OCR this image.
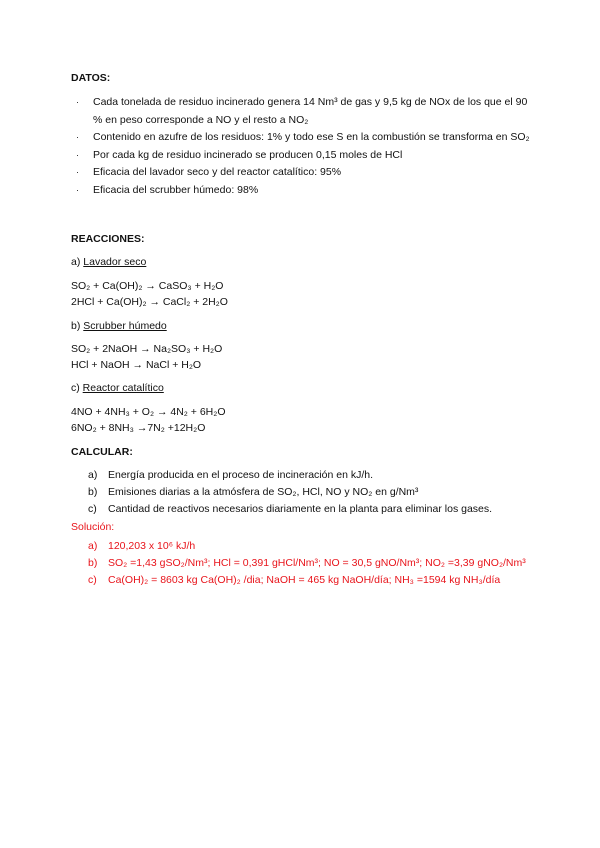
DATOS:
· Cada tonelada de residuo incinerado genera 14 Nm³ de gas y 9,5 kg de NOx de los que el 90 % en peso corresponde a NO y el resto a NO₂
· Contenido en azufre de los residuos: 1% y todo ese S en la combustión se transforma en SO₂
· Por cada kg de residuo incinerado se producen 0,15 moles de HCl
· Eficacia del lavador seco y del reactor catalítico: 95%
· Eficacia del scrubber húmedo: 98%
REACCIONES:
a) Lavador seco
SO₂ + Ca(OH)₂ → CaSO₃ + H₂O
2HCl + Ca(OH)₂ → CaCl₂ + 2H₂O
b) Scrubber húmedo
SO₂ + 2NaOH → Na₂SO₃ + H₂O
HCl + NaOH → NaCl + H₂O
c) Reactor catalítico
4NO + 4NH₃ + O₂ → 4N₂ + 6H₂O
6NO₂ + 8NH₃ →7N₂ +12H₂O
CALCULAR:
a) Energía producida en el proceso de incineración en kJ/h.
b) Emisiones diarias a la atmósfera de SO₂, HCl, NO y NO₂ en g/Nm³
c) Cantidad de reactivos necesarios diariamente en la planta para eliminar los gases.
Solución:
a) 120,203 x 10⁶ kJ/h
b) SO₂ =1,43 gSO₂/Nm³; HCl = 0,391 gHCl/Nm³; NO = 30,5 gNO/Nm³; NO₂ =3,39 gNO₂/Nm³
c) Ca(OH)₂ = 8603 kg Ca(OH)₂ /dia; NaOH = 465 kg NaOH/día; NH₃ =1594 kg NH₃/día
